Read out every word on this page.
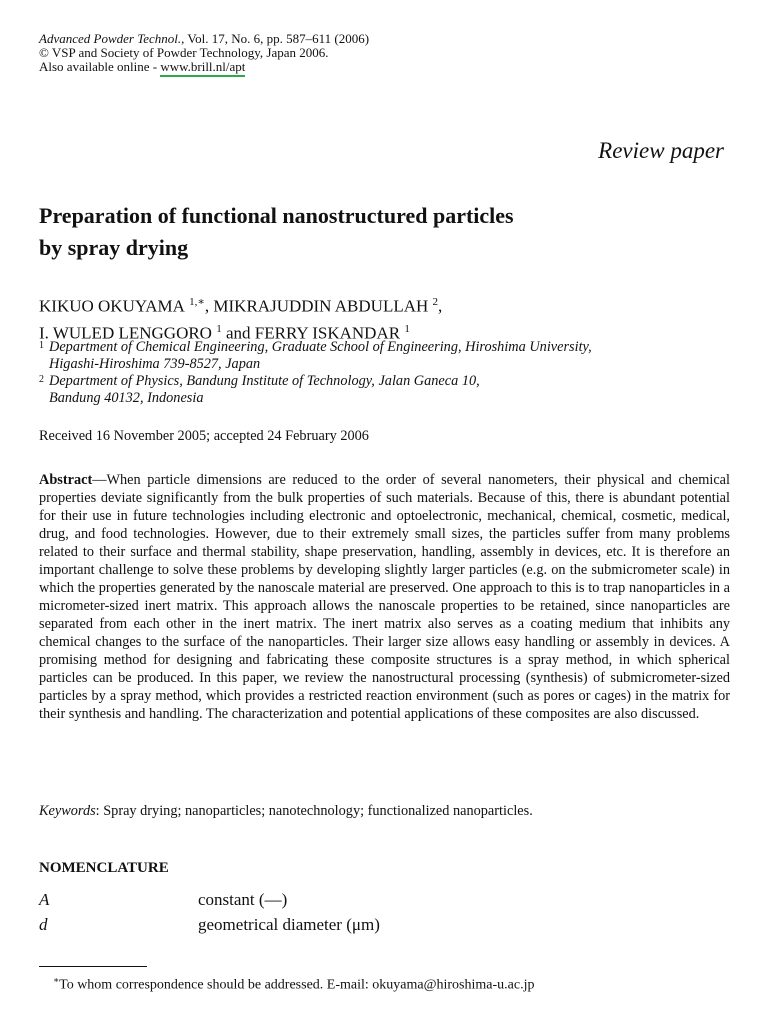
Advanced Powder Technol., Vol. 17, No. 6, pp. 587–611 (2006)
© VSP and Society of Powder Technology, Japan 2006.
Also available online - www.brill.nl/apt
Review paper
Preparation of functional nanostructured particles
by spray drying
KIKUO OKUYAMA $^{1,∗}$, MIKRAJUDDIN ABDULLAH $^2$,
I. WULED LENGGORO $^1$ and FERRY ISKANDAR $^1$
1 Department of Chemical Engineering, Graduate School of Engineering, Hiroshima University,
Higashi-Hiroshima 739-8527, Japan
2 Department of Physics, Bandung Institute of Technology, Jalan Ganeca 10,
Bandung 40132, Indonesia
Received 16 November 2005; accepted 24 February 2006
Abstract—When particle dimensions are reduced to the order of several nanometers, their physical and chemical properties deviate significantly from the bulk properties of such materials. Because of this, there is abundant potential for their use in future technologies including electronic and optoelectronic, mechanical, chemical, cosmetic, medical, drug, and food technologies. However, due to their extremely small sizes, the particles suffer from many problems related to their surface and thermal stability, shape preservation, handling, assembly in devices, etc. It is therefore an important challenge to solve these problems by developing slightly larger particles (e.g. on the submicrometer scale) in which the properties generated by the nanoscale material are preserved. One approach to this is to trap nanoparticles in a micrometer-sized inert matrix. This approach allows the nanoscale properties to be retained, since nanoparticles are separated from each other in the inert matrix. The inert matrix also serves as a coating medium that inhibits any chemical changes to the surface of the nanoparticles. Their larger size allows easy handling or assembly in devices. A promising method for designing and fabricating these composite structures is a spray method, in which spherical particles can be produced. In this paper, we review the nanostructural processing (synthesis) of submicrometer-sized particles by a spray method, which provides a restricted reaction environment (such as pores or cages) in the matrix for their synthesis and handling. The characterization and potential applications of these composites are also discussed.
Keywords: Spray drying; nanoparticles; nanotechnology; functionalized nanoparticles.
NOMENCLATURE
A	constant (—)
d	geometrical diameter (μm)
∗To whom correspondence should be addressed. E-mail: okuyama@hiroshima-u.ac.jp
